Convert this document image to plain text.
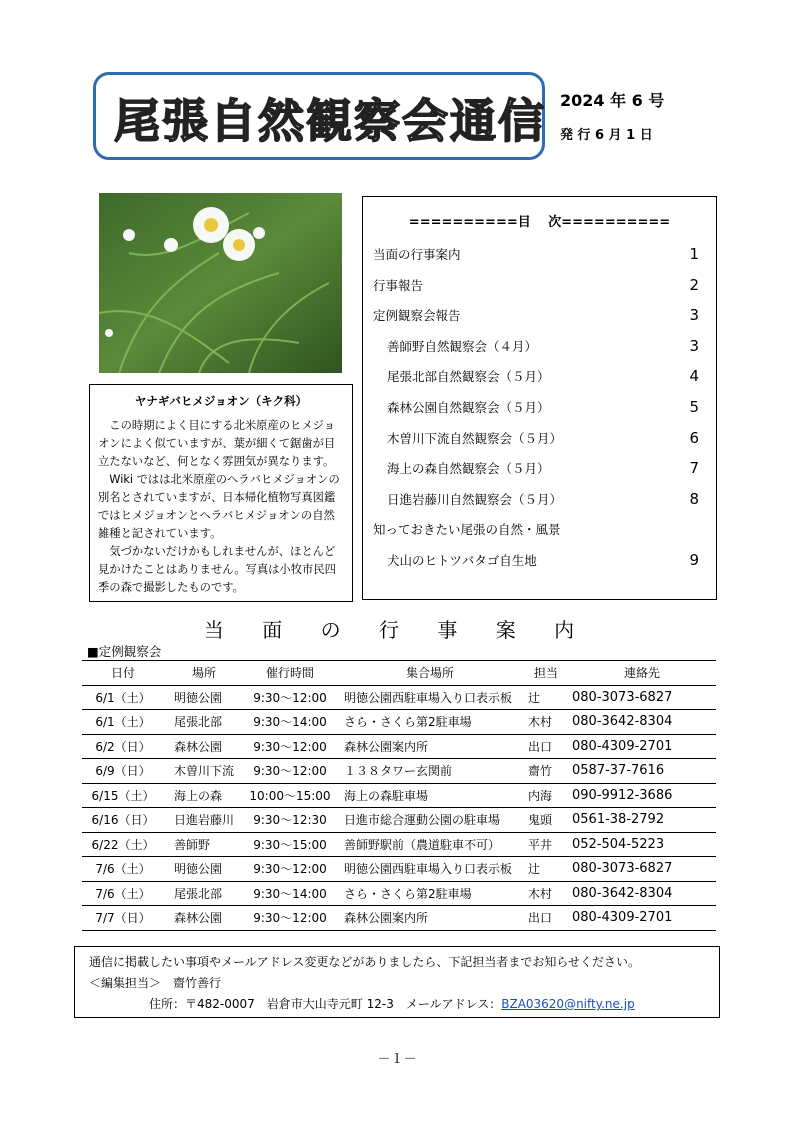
尾張自然観察会通信 2024 年 6 号
発 行 6 月 1 日
ヤナギバヒメジョオン（キク科）

この時期によく目にする北米原産のヒメジョオンによく似ていますが、葉が細くて鋸歯が目立たないなど、何となく雰囲気が異なります。

Wiki ではは北米原産のヘラバヒメジョオンの別名とされていますが、日本帰化植物写真図鑑ではヒメジョオンとヘラバヒメジョオンの自然雑種と記されています。

気づかないだけかもしれませんが、ほとんど見かけたことはありません。写真は小牧市民四季の森で撮影したものです。

==========目　 次==========
当面の行事案内	1
行事報告	2
定例観察会報告	3
善師野自然観察会（４月）	3
尾張北部自然観察会（５月）	4
森林公園自然観察会（５月）	5
木曽川下流自然観察会（５月）	6
海上の森自然観察会（５月）	7
日進岩藤川自然観察会（５月）	8
知っておきたい尾張の自然・風景
犬山のヒトツバタゴ自生地	9
当 面 の 行 事 案 内
■定例観察会
日付	場所	催行時間	集合場所	担当	連絡先
6/1（土）	明徳公園	9:30～12:00	明徳公園西駐車場入り口表示板	辻	080-3073-6827
6/1（土）	尾張北部	9:30～14:00	さら・さくら第2駐車場	木村	080-3642-8304
6/2（日）	森林公園	9:30～12:00	森林公園案内所	出口	080-4309-2701
6/9（日）	木曽川下流	9:30～12:00	１３８タワー玄関前	齋竹	0587-37-7616
6/15（土）	海上の森	10:00～15:00	海上の森駐車場	内海	090-9912-3686
6/16（日）	日進岩藤川	9:30～12:30	日進市総合運動公園の駐車場	鬼頭	0561-38-2792
6/22（土）	善師野	9:30～15:00	善師野駅前（農道駐車不可）	平井	052-504-5223
7/6（土）	明徳公園	9:30～12:00	明徳公園西駐車場入り口表示板	辻	080-3073-6827
7/6（土）	尾張北部	9:30～14:00	さら・さくら第2駐車場	木村	080-3642-8304
7/7（日）	森林公園	9:30～12:00	森林公園案内所	出口	080-4309-2701
通信に掲載したい事項やメールアドレス変更などがありましたら、下記担当者までお知らせください。
＜編集担当＞　齋竹善行
住所：〒482-0007　岩倉市大山寺元町 12-3　メールアドレス：BZA03620@nifty.ne.jp
－１－
